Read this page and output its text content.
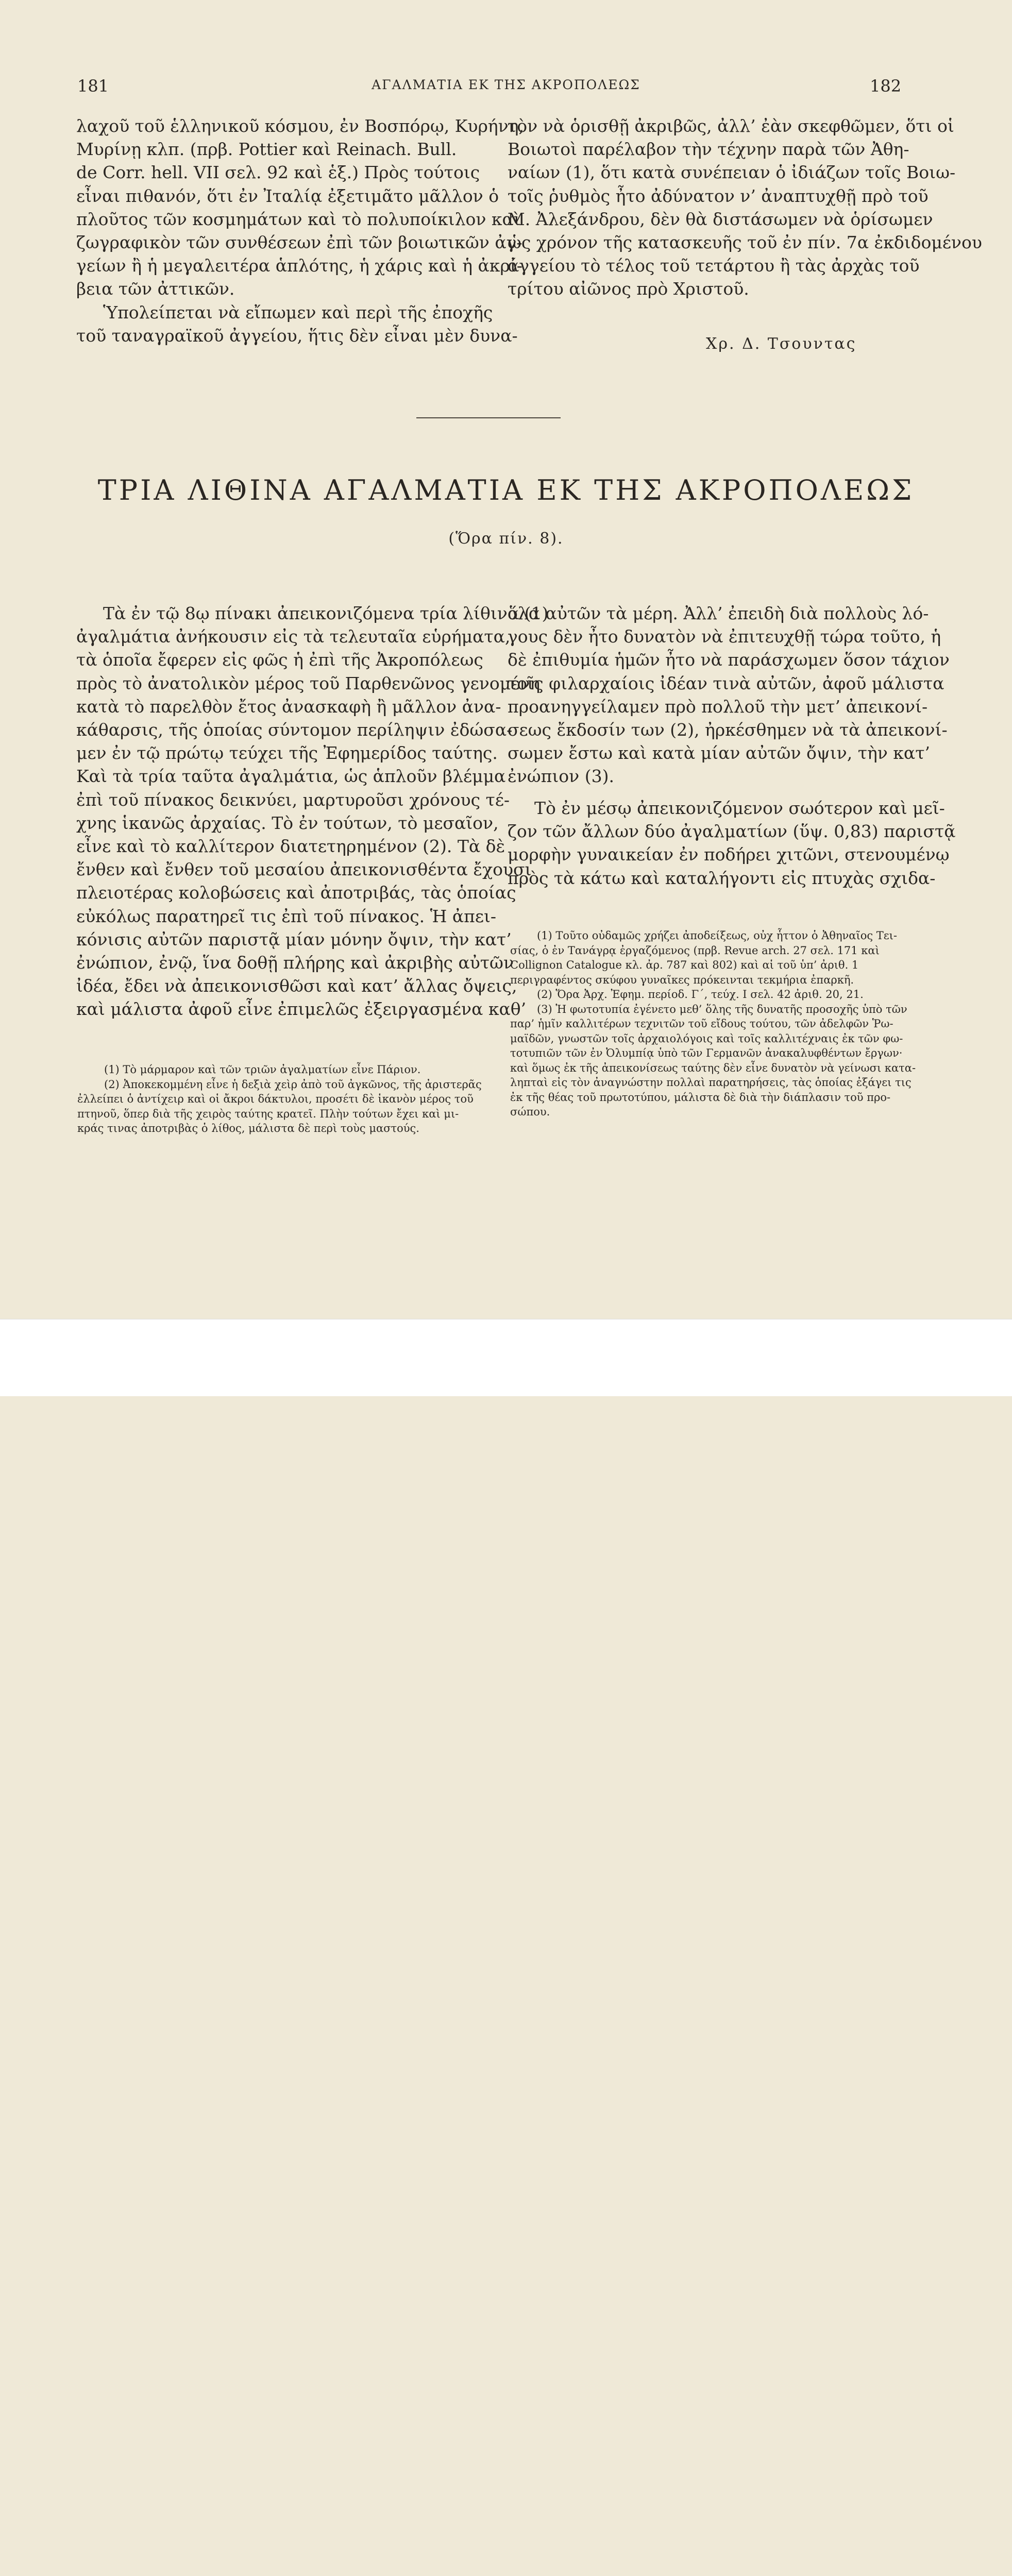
181	ΑΓΑΛΜΑΤΙΑ ΕΚ ΤΗΣ ΑΚΡΟΠΟΛΕΩΣ	182
λαχοῦ τοῦ ἑλληνικοῦ κόσμου, ἐν Βοσπόρῳ, Κυρήνη,
Μυρίνῃ κλπ. (πρβ. Pottier καὶ Reinach. Bull.
de Corr. hell. VII σελ. 92 καὶ ἑξ.) Πρὸς τούτοις
εἶναι πιθανόν, ὅτι ἐν Ἰταλίᾳ ἐξετιμᾶτο μᾶλλον ὁ
πλοῦτος τῶν κοσμημάτων καὶ τὸ πολυποίκιλον καὶ
ζωγραφικὸν τῶν συνθέσεων ἐπὶ τῶν βοιωτικῶν ἀγ-
γείων ἢ ἡ μεγαλειτέρα ἁπλότης, ἡ χάρις καὶ ἡ ἀκρί-
βεια τῶν ἀττικῶν.
Ὑπολείπεται νὰ εἴπωμεν καὶ περὶ τῆς ἐποχῆς
τοῦ ταναγραϊκοῦ ἀγγείου, ἥτις δὲν εἶναι μὲν δυνα-
τὸν νὰ ὁρισθῇ ἀκριβῶς, ἀλλ’ ἐὰν σκεφθῶμεν, ὅτι οἱ
Βοιωτοὶ παρέλαβον τὴν τέχνην παρὰ τῶν Ἀθη-
ναίων (1), ὅτι κατὰ συνέπειαν ὁ ἰδιάζων τοῖς Βοιω-
τοῖς ῥυθμὸς ἦτο ἀδύνατον ν’ ἀναπτυχθῇ πρὸ τοῦ
Μ. Ἀλεξάνδρου, δὲν θὰ διστάσωμεν νὰ ὁρίσωμεν
ὡς χρόνον τῆς κατασκευῆς τοῦ ἐν πίν. 7α ἐκδιδομένου
ἀγγείου τὸ τέλος τοῦ τετάρτου ἢ τὰς ἀρχὰς τοῦ
τρίτου αἰῶνος πρὸ Χριστοῦ.
Χρ. Δ. Τσουντας
ΤΡΙΑ ΛΙΘΙΝΑ ΑΓΑΛΜΑΤΙΑ ΕΚ ΤΗΣ ΑΚΡΟΠΟΛΕΩΣ
(Ὅρα πίν. 8).
Τὰ ἐν τῷ 8ῳ πίνακι ἀπεικονιζόμενα τρία λίθινα (1)
ἀγαλμάτια ἀνήκουσιν εἰς τὰ τελευταῖα εὑρήματα,
τὰ ὁποῖα ἔφερεν εἰς φῶς ἡ ἐπὶ τῆς Ἀκροπόλεως
πρὸς τὸ ἀνατολικὸν μέρος τοῦ Παρθενῶνος γενομένη
κατὰ τὸ παρελθὸν ἔτος ἀνασκαφὴ ἢ μᾶλλον ἀνα-
κάθαρσις, τῆς ὁποίας σύντομον περίληψιν ἐδώσα-
μεν ἐν τῷ πρώτῳ τεύχει τῆς Ἐφημερίδος ταύτης.
Καὶ τὰ τρία ταῦτα ἀγαλμάτια, ὡς ἁπλοῦν βλέμμα
ἐπὶ τοῦ πίνακος δεικνύει, μαρτυροῦσι χρόνους τέ-
χνης ἱκανῶς ἀρχαίας. Τὸ ἐν τούτων, τὸ μεσαῖον,
εἶνε καὶ τὸ καλλίτερον διατετηρημένον (2). Τὰ δὲ
ἔνθεν καὶ ἔνθεν τοῦ μεσαίου ἀπεικονισθέντα ἔχουσι
πλειοτέρας κολοβώσεις καὶ ἀποτριβάς, τὰς ὁποίας
εὐκόλως παρατηρεῖ τις ἐπὶ τοῦ πίνακος. Ἡ ἀπει-
κόνισις αὐτῶν παριστᾷ μίαν μόνην ὄψιν, τὴν κατ’
ἐνώπιον, ἐνῷ, ἵνα δοθῇ πλήρης καὶ ἀκριβὴς αὐτῶν
ἰδέα, ἔδει νὰ ἀπεικονισθῶσι καὶ κατ’ ἄλλας ὄψεις,
καὶ μάλιστα ἀφοῦ εἶνε ἐπιμελῶς ἐξειργασμένα καθ’
ὅλα αὐτῶν τὰ μέρη. Ἀλλ’ ἐπειδὴ διὰ πολλοὺς λό-
γους δὲν ἦτο δυνατὸν νὰ ἐπιτευχθῇ τώρα τοῦτο, ἡ
δὲ ἐπιθυμία ἡμῶν ἦτο νὰ παράσχωμεν ὅσον τάχιον
τοῖς φιλαρχαίοις ἰδέαν τινὰ αὐτῶν, ἀφοῦ μάλιστα
προανηγγείλαμεν πρὸ πολλοῦ τὴν μετ’ ἀπεικονί-
σεως ἔκδοσίν των (2), ἠρκέσθημεν νὰ τὰ ἀπεικονί-
σωμεν ἔστω καὶ κατὰ μίαν αὐτῶν ὄψιν, τὴν κατ’
ἐνώπιον (3).
Τὸ ἐν μέσῳ ἀπεικονιζόμενον σωότερον καὶ μεῖ-
ζον τῶν ἄλλων δύο ἀγαλματίων (ὕψ. 0,83) παριστᾷ
μορφὴν γυναικείαν ἐν ποδήρει χιτῶνι, στενουμένῳ
πρὸς τὰ κάτω καὶ καταλήγοντι εἰς πτυχὰς σχιδα-
(1) Τὸ μάρμαρον καὶ τῶν τριῶν ἀγαλματίων εἶνε Πάριον.
(2) Ἀποκεκομμένη εἶνε ἡ δεξιὰ χεὶρ ἀπὸ τοῦ ἀγκῶνος, τῆς ἀριστερᾶς
ἐλλείπει ὁ ἀντίχειρ καὶ οἱ ἄκροι δάκτυλοι, προσέτι δὲ ἱκανὸν μέρος τοῦ
πτηνοῦ, ὅπερ διὰ τῆς χειρὸς ταύτης κρατεῖ. Πλὴν τούτων ἔχει καὶ μι-
κράς τινας ἀποτριβὰς ὁ λίθος, μάλιστα δὲ περὶ τοὺς μαστούς.
(1) Τοῦτο οὐδαμῶς χρήζει ἀποδείξεως, οὐχ ἧττον ὁ Ἀθηναῖος Τει-
σίας, ὁ ἐν Τανάγρᾳ ἐργαζόμενος (πρβ. Revue arch. 27 σελ. 171 καὶ
Collignon Catalogue κλ. ἀρ. 787 καὶ 802) καὶ αἱ τοῦ ὑπ’ ἀριθ. 1
περιγραφέντος σκύφου γυναῖκες πρόκεινται τεκμήρια ἐπαρκῆ.
(2) Ὅρα Ἀρχ. Ἐφημ. περίοδ. Γ΄, τεύχ. I σελ. 42 ἀριθ. 20, 21.
(3) Ἡ φωτοτυπία ἐγένετο μεθ’ ὅλης τῆς δυνατῆς προσοχῆς ὑπὸ τῶν
παρ’ ἡμῖν καλλιτέρων τεχνιτῶν τοῦ εἴδους τούτου, τῶν ἀδελφῶν Ῥω-
μαϊδῶν, γνωστῶν τοῖς ἀρχαιολόγοις καὶ τοῖς καλλιτέχναις ἐκ τῶν φω-
τοτυπιῶν τῶν ἐν Ὀλυμπίᾳ ὑπὸ τῶν Γερμανῶν ἀνακαλυφθέντων ἔργων·
καὶ ὅμως ἐκ τῆς ἀπεικονίσεως ταύτης δὲν εἶνε δυνατὸν νὰ γείνωσι κατα-
ληπταὶ εἰς τὸν ἀναγνώστην πολλαὶ παρατηρήσεις, τὰς ὁποίας ἐξάγει τις
ἐκ τῆς θέας τοῦ πρωτοτύπου, μάλιστα δὲ διὰ τὴν διάπλασιν τοῦ προ-
σώπου.
